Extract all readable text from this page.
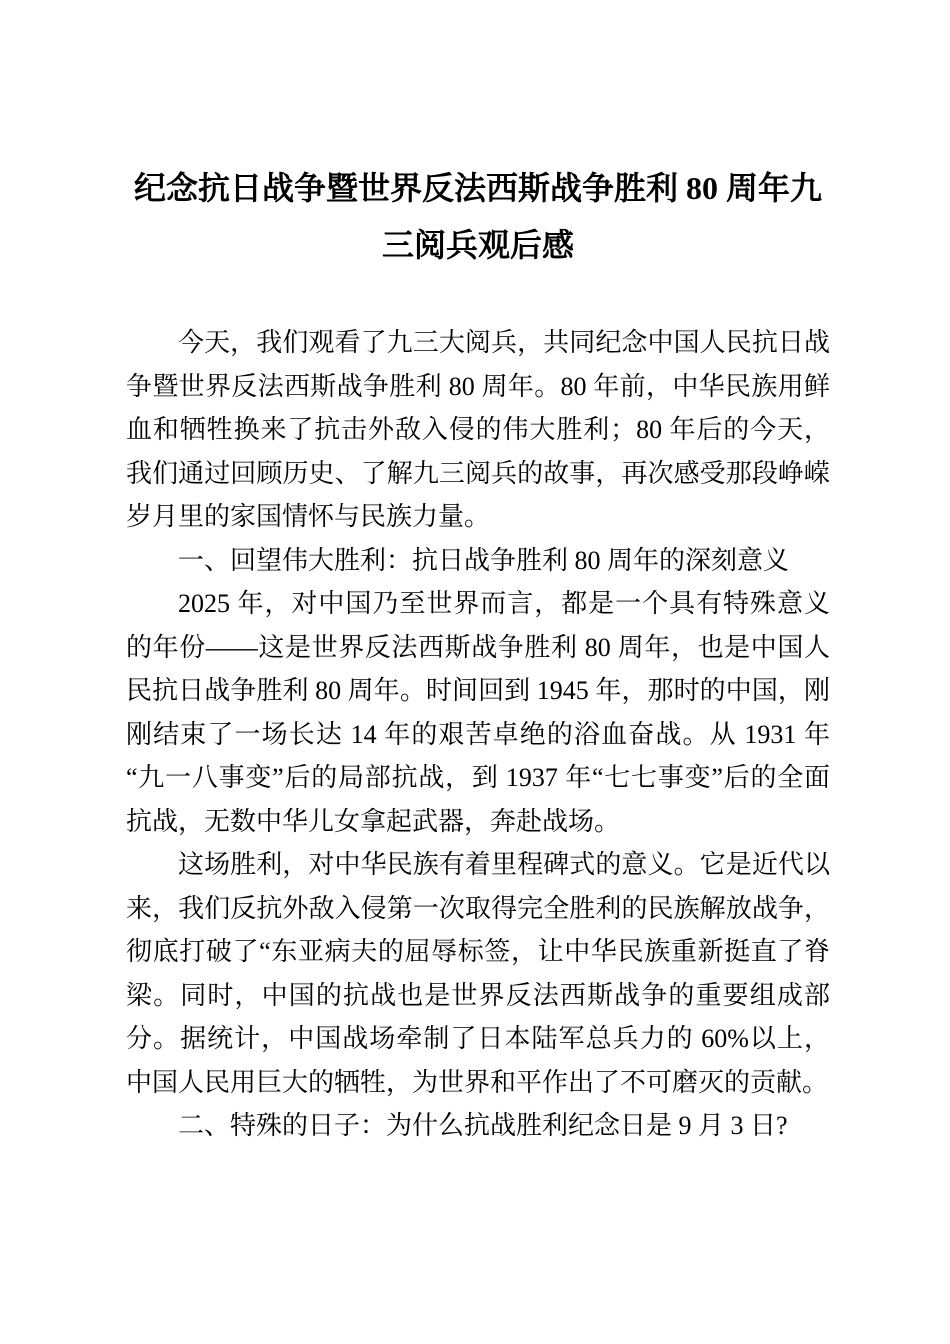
纪念抗日战争暨世界反法西斯战争胜利 80 周年九三阅兵观后感

今天，我们观看了九三大阅兵，共同纪念中国人民抗日战争暨世界反法西斯战争胜利 80 周年。80 年前，中华民族用鲜血和牺牲换来了抗击外敌入侵的伟大胜利；80 年后的今天，我们通过回顾历史、了解九三阅兵的故事，再次感受那段峥嵘岁月里的家国情怀与民族力量。

一、回望伟大胜利：抗日战争胜利 80 周年的深刻意义

2025 年，对中国乃至世界而言，都是一个具有特殊意义的年份——这是世界反法西斯战争胜利 80 周年，也是中国人民抗日战争胜利 80 周年。时间回到 1945 年，那时的中国，刚刚结束了一场长达 14 年的艰苦卓绝的浴血奋战。从 1931 年“九一八事变”后的局部抗战，到 1937 年“七七事变”后的全面抗战，无数中华儿女拿起武器，奔赴战场。

这场胜利，对中华民族有着里程碑式的意义。它是近代以来，我们反抗外敌入侵第一次取得完全胜利的民族解放战争，彻底打破了“东亚病夫的屈辱标签，让中华民族重新挺直了脊梁。同时，中国的抗战也是世界反法西斯战争的重要组成部分。据统计，中国战场牵制了日本陆军总兵力的 60%以上，中国人民用巨大的牺牲，为世界和平作出了不可磨灭的贡献。

二、特殊的日子：为什么抗战胜利纪念日是 9 月 3 日?
